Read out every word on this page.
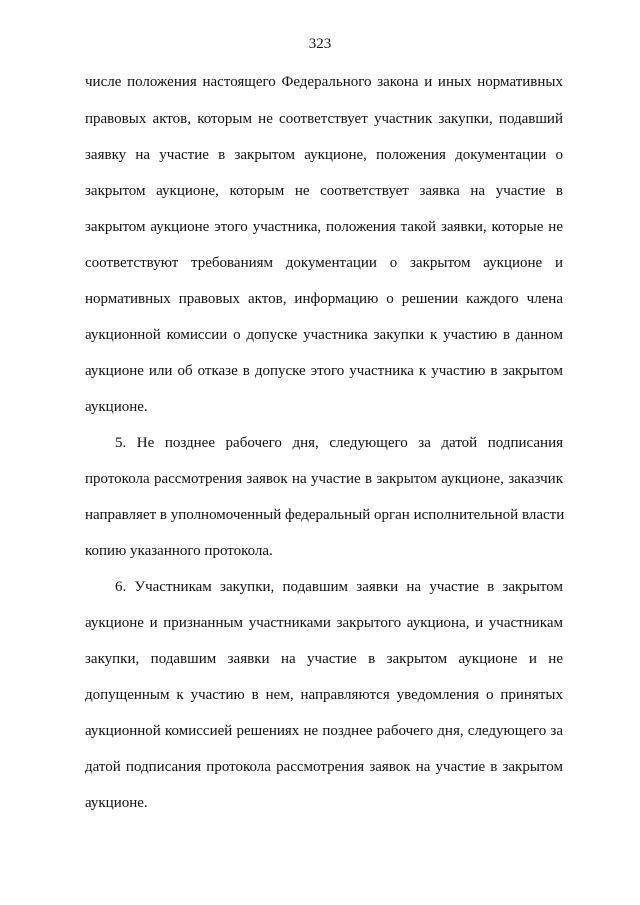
323
числе положения настоящего Федерального закона и иных нормативных
правовых актов, которым не соответствует участник закупки, подавший
заявку на участие в закрытом аукционе, положения документации о
закрытом аукционе, которым не соответствует заявка на участие в
закрытом аукционе этого участника, положения такой заявки, которые не
соответствуют требованиям документации о закрытом аукционе и
нормативных правовых актов, информацию о решении каждого члена
аукционной комиссии о допуске участника закупки к участию в данном
аукционе или об отказе в допуске этого участника к участию в закрытом
аукционе.
5. Не позднее рабочего дня, следующего за датой подписания
протокола рассмотрения заявок на участие в закрытом аукционе, заказчик
направляет в уполномоченный федеральный орган исполнительной власти
копию указанного протокола.
6. Участникам закупки, подавшим заявки на участие в закрытом
аукционе и признанным участниками закрытого аукциона, и участникам
закупки, подавшим заявки на участие в закрытом аукционе и не
допущенным к участию в нем, направляются уведомления о принятых
аукционной комиссией решениях не позднее рабочего дня, следующего за
датой подписания протокола рассмотрения заявок на участие в закрытом
аукционе.
